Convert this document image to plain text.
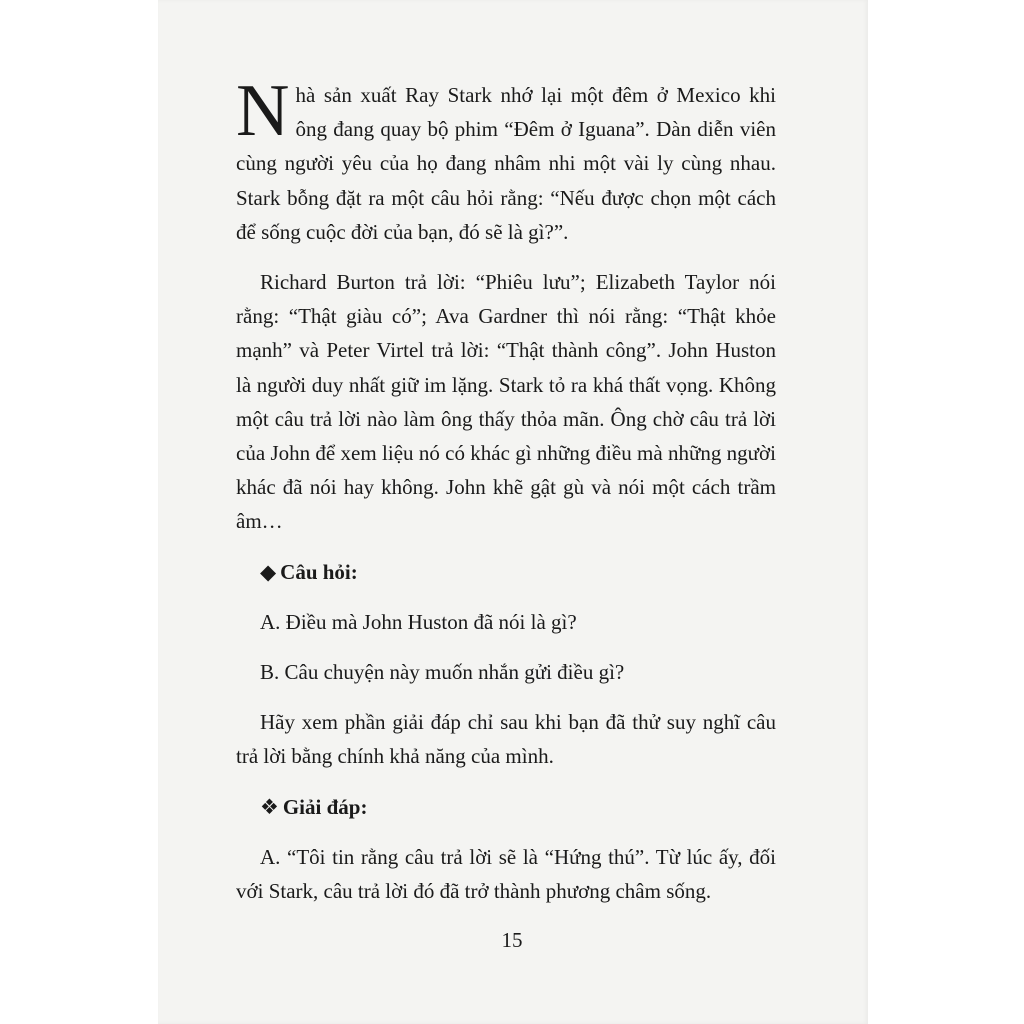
Nhà sản xuất Ray Stark nhớ lại một đêm ở Mexico khi ông đang quay bộ phim “Đêm ở Iguana”. Dàn diễn viên cùng người yêu của họ đang nhâm nhi một vài ly cùng nhau. Stark bỗng đặt ra một câu hỏi rằng: “Nếu được chọn một cách để sống cuộc đời của bạn, đó sẽ là gì?”.

Richard Burton trả lời: “Phiêu lưu”; Elizabeth Taylor nói rằng: “Thật giàu có”; Ava Gardner thì nói rằng: “Thật khỏe mạnh” và Peter Virtel trả lời: “Thật thành công”. John Huston là người duy nhất giữ im lặng. Stark tỏ ra khá thất vọng. Không một câu trả lời nào làm ông thấy thỏa mãn. Ông chờ câu trả lời của John để xem liệu nó có khác gì những điều mà những người khác đã nói hay không. John khẽ gật gù và nói một cách trầm âm…

◆ Câu hỏi:

A. Điều mà John Huston đã nói là gì?

B. Câu chuyện này muốn nhắn gửi điều gì?

Hãy xem phần giải đáp chỉ sau khi bạn đã thử suy nghĩ câu trả lời bằng chính khả năng của mình.

❖ Giải đáp:

A. “Tôi tin rằng câu trả lời sẽ là “Hứng thú”. Từ lúc ấy, đối với Stark, câu trả lời đó đã trở thành phương châm sống.

15
